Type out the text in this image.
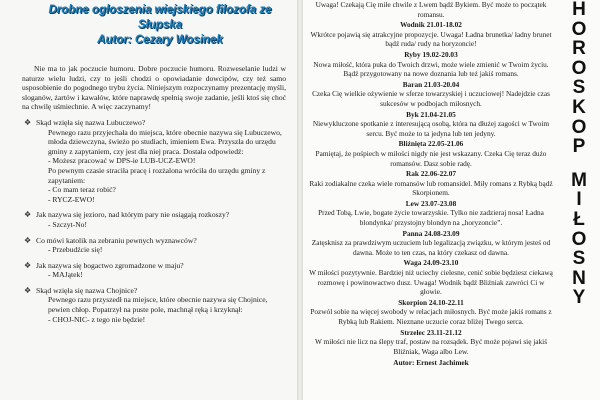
Drobne ogłoszenia wiejskiego filozofa ze Słupska
Autor: Cezary Wosinek

Nie ma to jak poczucie humoru. Dobre poczucie humoru. Rozweselanie ludzi w naturze wielu ludzi, czy to jeśli chodzi o opowiadanie dowcipów, czy też samo usposobienie do pogodnego trybu życia. Niniejszym rozpoczynamy prezentację myśli, sloganów, żartów i kawałów, które naprawdę spełnią swoje zadanie, jeśli ktoś się choć na chwilę uśmiechnie. A więc zaczynamy!

❖ Skąd wzięła się nazwa Lubuczewo?
Pewnego razu przyjechała do miejsca, które obecnie nazywa się Lubuczewo, młoda dziewczyna, świeżo po studiach, imieniem Ewa. Przyszła do urzędu gminy z zapytaniem, czy jest dla niej praca. Dostała odpowiedź:
- Możesz pracować w DPS-ie LUB-UCZ-EWO!
Po pewnym czasie straciła pracę i rozżalona wróciła do urzędu gminy z zapytaniem:
- Co mam teraz robić?
- RYCZ-EWO!
❖ Jak nazywa się jezioro, nad którym pary nie osiągają rozkoszy?
- Szczyt-No!
❖ Co mówi katolik na zebraniu pewnych wyznawców?
- Przebudźcie się!
❖ Jak nazywa się bogactwo zgromadzone w maju?
- MAJątek!
❖ Skąd wzięła się nazwa Chojnice?
Pewnego razu przyszedł na miejsce, które obecnie nazywa się Chojnice, pewien chłop. Popatrzył na puste pole, machnął ręką i krzyknął:
- CHOJ-NIC- z tego nie będzie!
Uwaga! Czekają Cię miłe chwile z Lwem bądź Bykiem. Być może to początek romansu.
Wodnik 21.01-18.02
Wkrótce pojawią się atrakcyjne propozycje. Uwaga! Ładna brunetka/ ładny brunet bądź ruda/ rudy na horyzoncie!
Ryby 19.02-20.03
Nowa miłość, która puka do Twoich drzwi, może wiele zmienić w Twoim życiu. Bądź przygotowany na nowe doznania lub też jakiś romans.
Baran 21.03-20.04
Czeka Cię wielkie ożywienie w sferze towarzyskiej i uczuciowej! Nadejdzie czas sukcesów w podbojach miłosnych.
Byk 21.04-21.05
Niewykluczone spotkanie z interesującą osobą, która na dłużej zagości w Twoim sercu. Być może to ta jedyna lub ten jedyny.
Bliźnięta 22.05-21.06
Pamiętaj, że pośpiech w miłości nigdy nie jest wskazany. Czeka Cię teraz dużo romansów. Dasz sobie radę.
Rak 22.06-22.07
Raki zodiakalne czeka wiele romansów lub romansidel. Miły romans z Rybką bądź Skorpionem.
Lew 23.07-23.08
Przed Tobą, Lwie, bogate życie towarzyskie. Tylko nie zadzieraj nosa! Ładna blondynka/ przystojny blondyn na „horyzoncie”.
Panna 24.08-23.09
Zatęsknisz za prawdziwym uczuciem lub legalizacją związku, w którym jesteś od dawna. Może to ten czas, na który czekasz od dawna.
Waga 24.09-23.10
W miłości pozytywnie. Bardziej niż uciechy cielesne, cenić sobie będziesz ciekawą rozmowę i powinowactwo dusz. Uwaga! Wodnik bądź Bliźniak zawróci Ci w głowie.
Skorpion 24.10-22.11
Pozwól sobie na więcej swobody w relacjach miłosnych. Być może jakiś romans z Rybką lub Rakiem. Nieznane uczucie coraz bliżej Twego serca.
Strzelec 23.11-21.12
W miłości nie licz na ślepy traf, postaw na rozsądek. Być może pojawi się jakiś Bliźniak, Waga albo Lew.
Autor: Ernest Jachimek
H
O
R
O
S
K
O
P
M
I
Ł
O
S
N
Y
